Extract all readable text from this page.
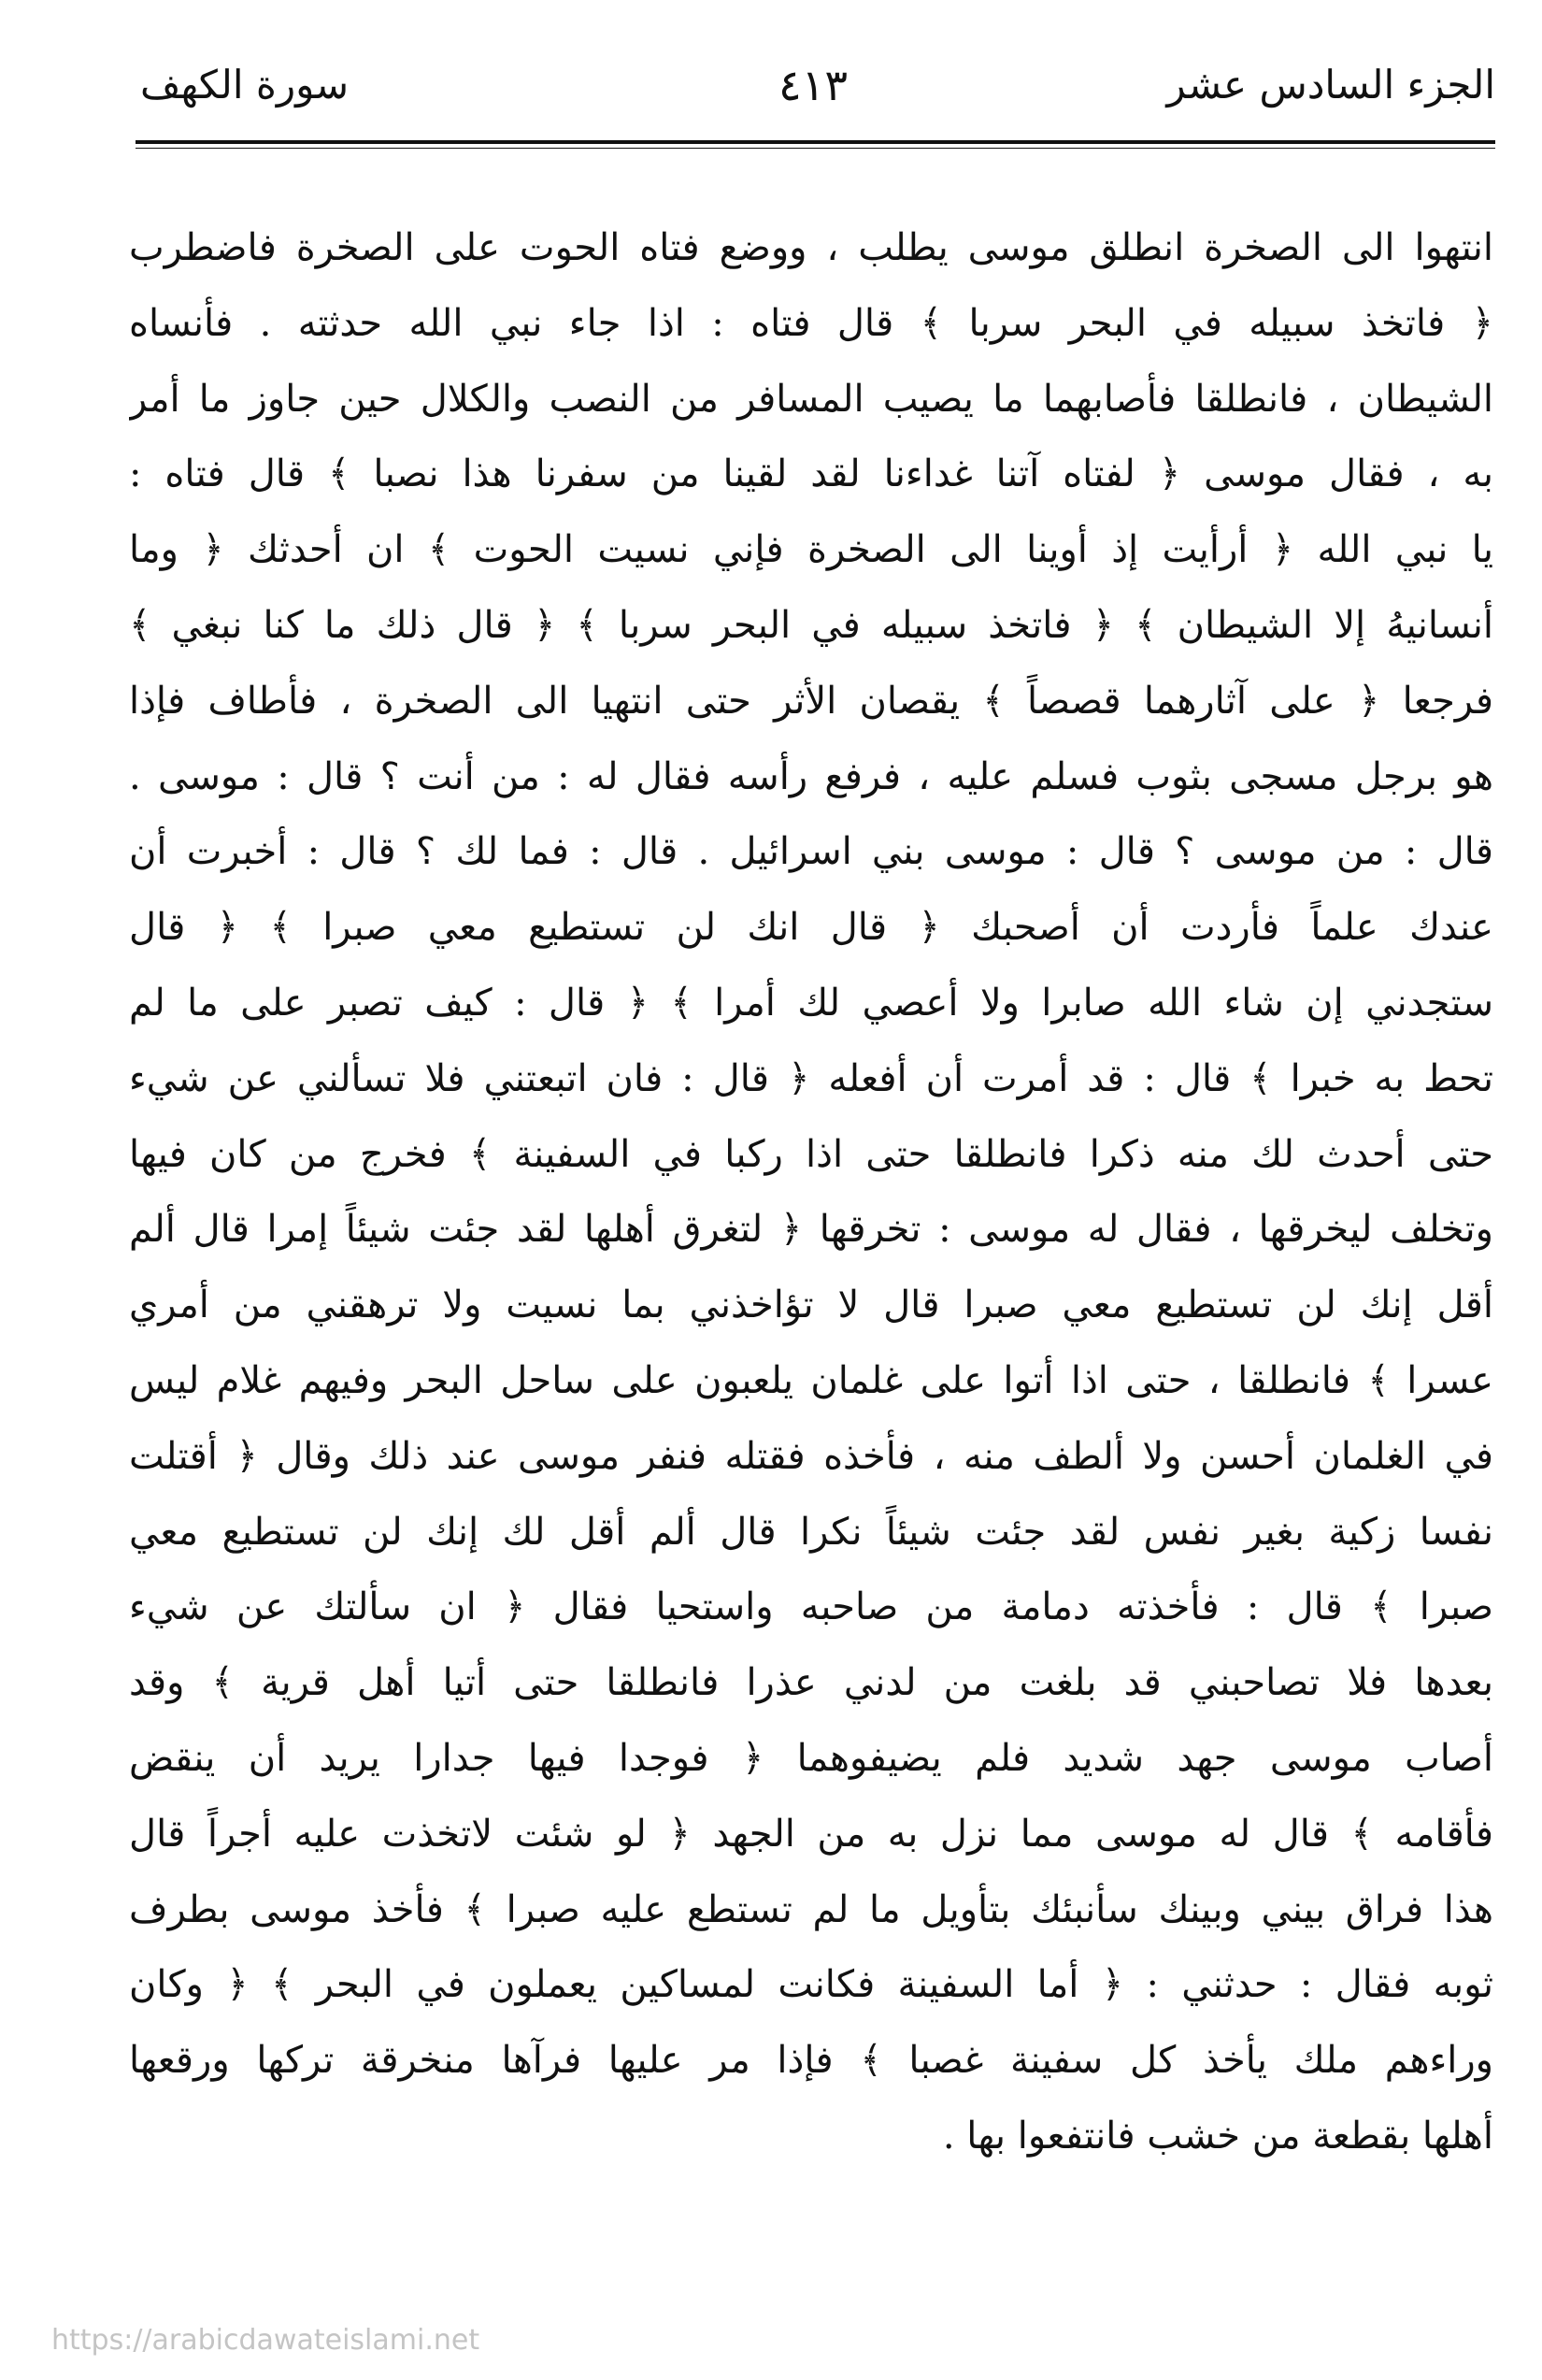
الجزء السادس عشر
٤١٣
سورة الكهف
انتهوا الى الصخرة انطلق موسى يطلب ، ووضع فتاه الحوت على الصخرة فاضطرب
﴿ فاتخذ سبيله في البحر سربا ﴾ قال فتاه : اذا جاء نبي الله حدثته . فأنساه
الشيطان ، فانطلقا فأصابهما ما يصيب المسافر من النصب والكلال حين جاوز ما أمر
به ، فقال موسى ﴿ لفتاه آتنا غداءنا لقد لقينا من سفرنا هذا نصبا ﴾ قال فتاه :
يا نبي الله ﴿ أرأيت إذ أوينا الى الصخرة فإني نسيت الحوت ﴾ ان أحدثك ﴿ وما
أنسانيهُ إلا الشيطان ﴾ ﴿ فاتخذ سبيله في البحر سربا ﴾ ﴿ قال ذلك ما كنا نبغي ﴾
فرجعا ﴿ على آثارهما قصصاً ﴾ يقصان الأثر حتى انتهيا الى الصخرة ، فأطاف فإذا
هو برجل مسجى بثوب فسلم عليه ، فرفع رأسه فقال له : من أنت ؟ قال : موسى .
قال : من موسى ؟ قال : موسى بني اسرائيل . قال : فما لك ؟ قال : أخبرت أن
عندك علماً فأردت أن أصحبك ﴿ قال انك لن تستطيع معي صبرا ﴾ ﴿ قال
ستجدني إن شاء الله صابرا ولا أعصي لك أمرا ﴾ ﴿ قال : كيف تصبر على ما لم
تحط به خبرا ﴾ قال : قد أمرت أن أفعله ﴿ قال : فان اتبعتني فلا تسألني عن شيء
حتى أحدث لك منه ذكرا فانطلقا حتى اذا ركبا في السفينة ﴾ فخرج من كان فيها
وتخلف ليخرقها ، فقال له موسى : تخرقها ﴿ لتغرق أهلها لقد جئت شيئاً إمرا قال ألم
أقل إنك لن تستطيع معي صبرا قال لا تؤاخذني بما نسيت ولا ترهقني من أمري
عسرا ﴾ فانطلقا ، حتى اذا أتوا على غلمان يلعبون على ساحل البحر وفيهم غلام ليس
في الغلمان أحسن ولا ألطف منه ، فأخذه فقتله فنفر موسى عند ذلك وقال ﴿ أقتلت
نفسا زكية بغير نفس لقد جئت شيئاً نكرا قال ألم أقل لك إنك لن تستطيع معي
صبرا ﴾ قال : فأخذته دمامة من صاحبه واستحيا فقال ﴿ ان سألتك عن شيء
بعدها فلا تصاحبني قد بلغت من لدني عذرا فانطلقا حتى أتيا أهل قرية ﴾ وقد
أصاب موسى جهد شديد فلم يضيفوهما ﴿ فوجدا فيها جدارا يريد أن ينقض
فأقامه ﴾ قال له موسى مما نزل به من الجهد ﴿ لو شئت لاتخذت عليه أجراً قال
هذا فراق بيني وبينك سأنبئك بتأويل ما لم تستطع عليه صبرا ﴾ فأخذ موسى بطرف
ثوبه فقال : حدثني : ﴿ أما السفينة فكانت لمساكين يعملون في البحر ﴾ ﴿ وكان
وراءهم ملك يأخذ كل سفينة غصبا ﴾ فإذا مر عليها فرآها منخرقة تركها ورقعها
أهلها بقطعة من خشب فانتفعوا بها .
https://arabicdawateislami.net
